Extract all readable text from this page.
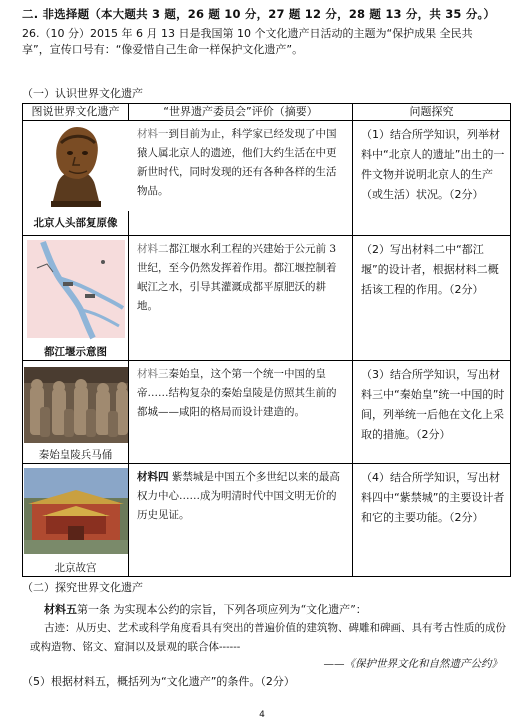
二. 非选择题（本大题共 3 题，26 题 10 分，27 题 12 分，28 题 13 分，共 35 分。）
26.（10 分）2015 年 6 月 13 日是我国第 10 个文化遗产日活动的主题为“保护成果 全民共
享”，宣传口号有：“像爱惜自己生命一样保护文化遗产”。
（一）认识世界文化遗产
图说世界文化遗产	“世界遗产委员会”评价（摘要）	问题探究

北京人头部复原像	材料一到目前为止，科学家已经发现了中国猿人属北京人的遗迹，他们大约生活在中更新世时代，同时发现的还有各种各样的生活物品。	（1）结合所学知识，列举材料中“北京人的遗址”出土的一件文物并说明北京人的生产（或生活）状况。（2分）

都江堰示意图	材料二都江堰水利工程的兴建始于公元前 3 世纪，至今仍然发挥着作用。都江堰控制着岷江之水，引导其灌溉成都平原肥沃的耕地。	（2）写出材料二中“都江堰”的设计者，根据材料二概括该工程的作用。（2分）

秦始皇陵兵马俑	材料三秦始皇，这个第一个统一中国的皇帝……结构复杂的秦始皇陵是仿照其生前的都城——咸阳的格局而设计建造的。	（3）结合所学知识，写出材料三中“秦始皇”统一中国的时间，列举统一后他在文化上采取的措施。（2分）

北京故宫	材料四 紫禁城是中国五个多世纪以来的最高权力中心……成为明清时代中国文明无价的历史见证。	（4）结合所学知识，写出材料四中“紫禁城”的主要设计者和它的主要功能。（2分）
（二）探究世界文化遗产
材料五第一条 为实现本公约的宗旨，下列各项应列为“文化遗产”：
古迹：从历史、艺术或科学角度看具有突出的普遍价值的建筑物、碑雕和碑画、具有考古性质的成份或构造物、铭文、窟洞以及景观的联合体------
——《保护世界文化和自然遗产公约》
（5）根据材料五，概括列为“文化遗产”的条件。（2分）
4
